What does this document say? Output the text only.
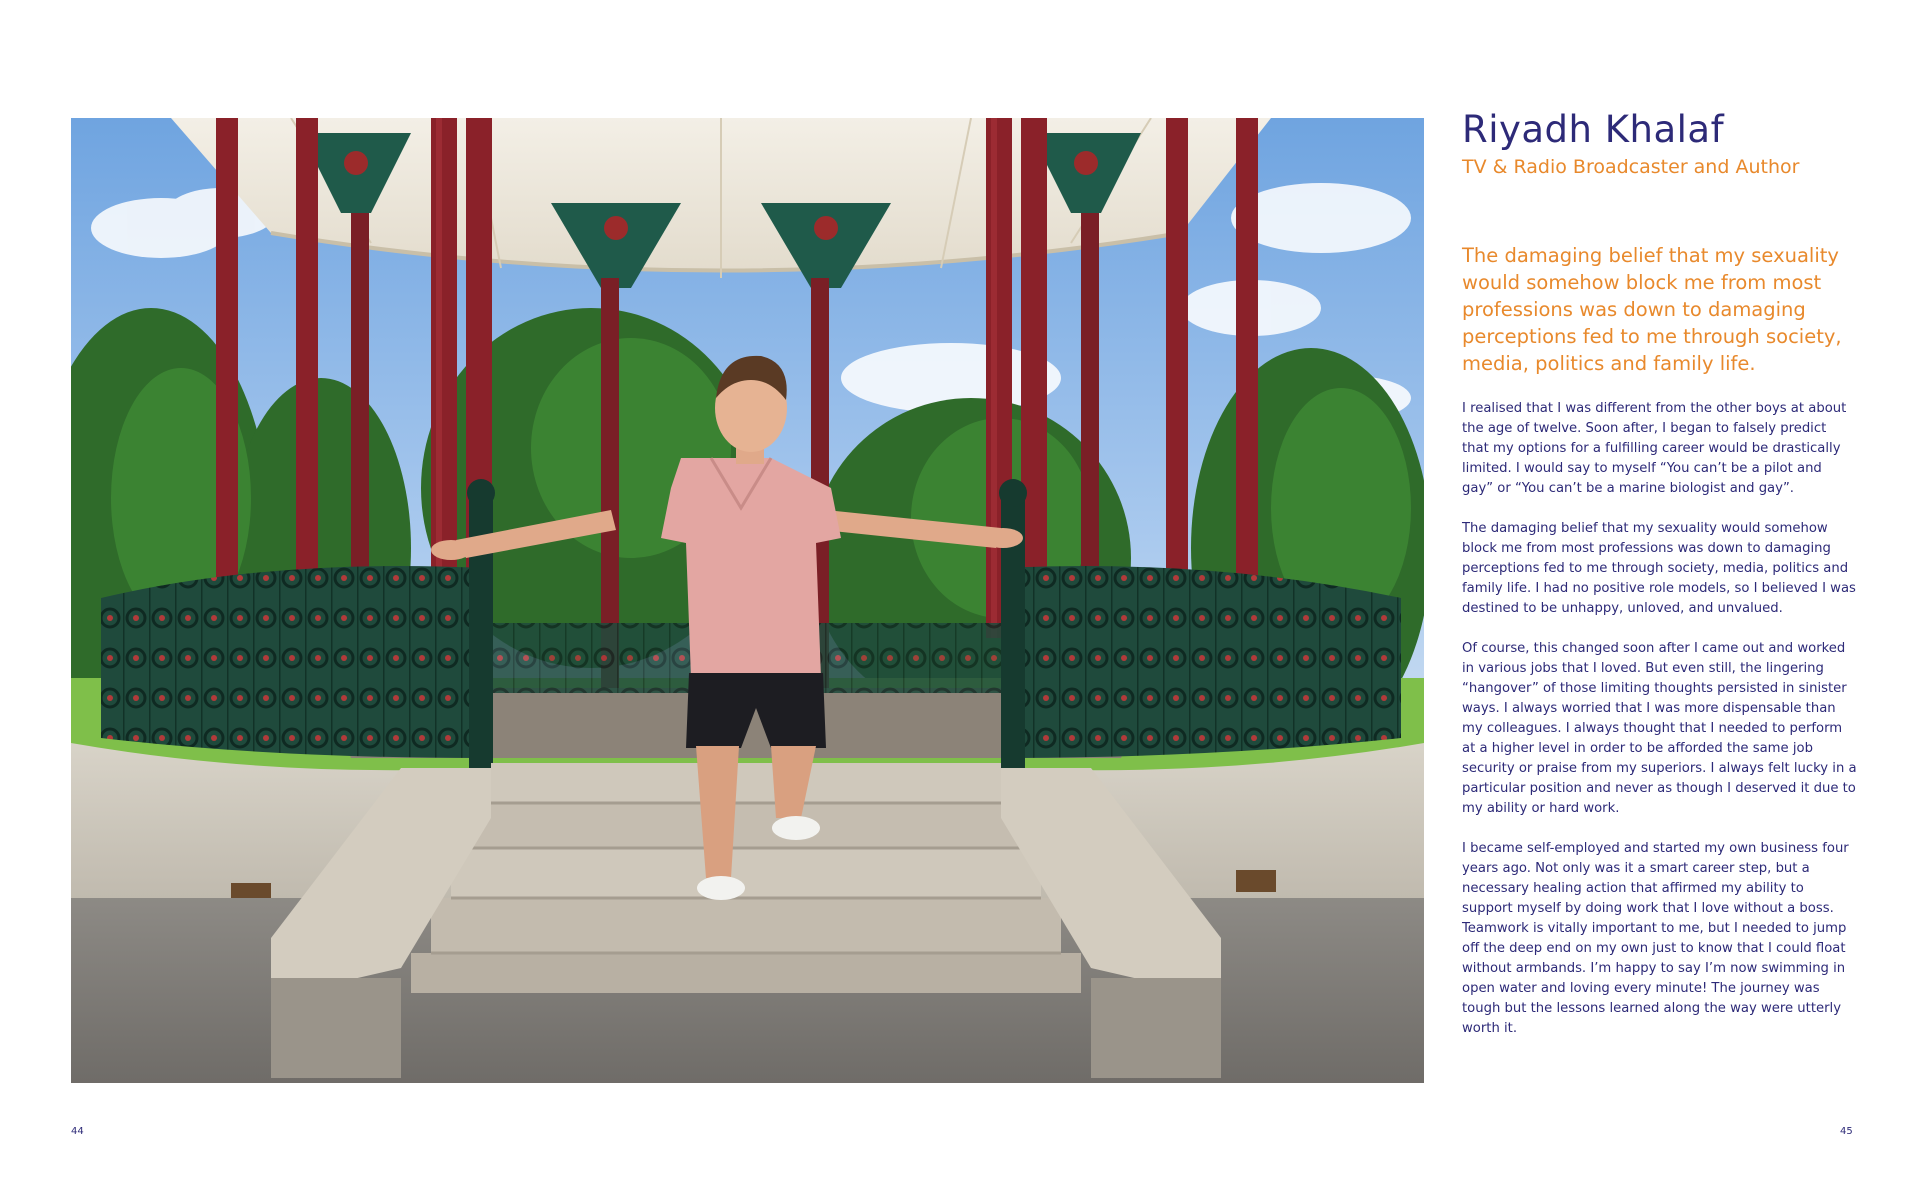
Riyadh Khalaf
TV & Radio Broadcaster and Author
The damaging belief that my sexuality would somehow block me from most professions was down to damaging perceptions fed to me through society, media, politics and family life.

I realised that I was different from the other boys at about the age of twelve. Soon after, I began to falsely predict that my options for a fulfilling career would be drastically limited. I would say to myself “You can’t be a pilot and gay” or “You can’t be a marine biologist and gay”.

The damaging belief that my sexuality would somehow block me from most professions was down to damaging perceptions fed to me through society, media, politics and family life. I had no positive role models, so I believed I was destined to be unhappy, unloved, and unvalued.

Of course, this changed soon after I came out and worked in various jobs that I loved. But even still, the lingering “hangover” of those limiting thoughts persisted in sinister ways. I always worried that I was more dispensable than my colleagues. I always thought that I needed to perform at a higher level in order to be afforded the same job security or praise from my superiors. I always felt lucky in a particular position and never as though I deserved it due to my ability or hard work.

I became self-employed and started my own business four years ago. Not only was it a smart career step, but a necessary healing action that affirmed my ability to support myself by doing work that I love without a boss. Teamwork is vitally important to me, but I needed to jump off the deep end on my own just to know that I could float without armbands. I’m happy to say I’m now swimming in open water and loving every minute! The journey was tough but the lessons learned along the way were utterly worth it.

44	45
